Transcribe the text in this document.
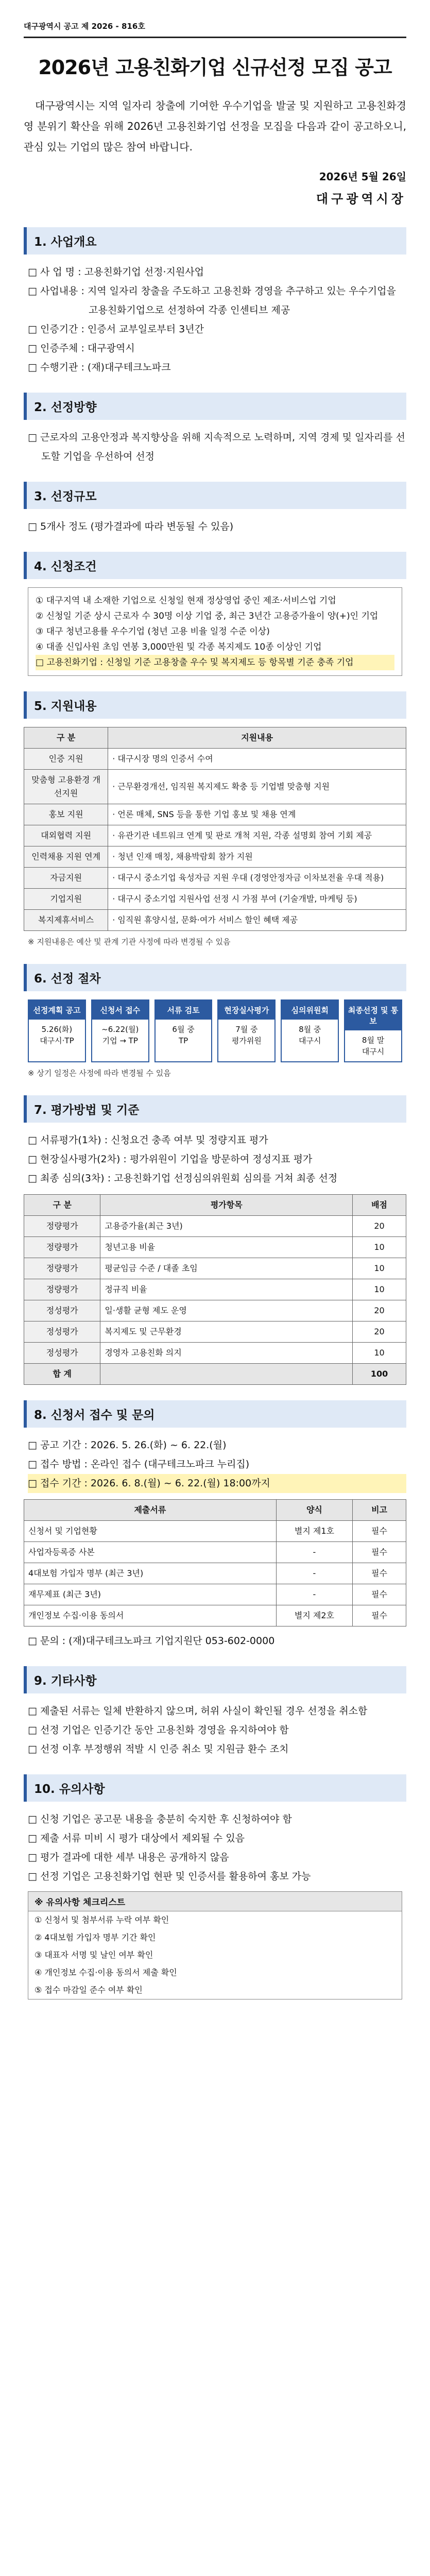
대구광역시 공고 제 2026 - 816호
2026년 고용친화기업 신규선정 모집 공고

대구광역시는 지역 일자리 창출에 기여한 우수기업을 발굴 및 지원하고 고용친화경영 분위기 확산을 위해 2026년 고용친화기업 선정을 모집을 다음과 같이 공고하오니, 관심 있는 기업의 많은 참여 바랍니다.

2026년 5월 26일
대구광역시장
1. 사업개요
□ 사 업 명 : 고용친화기업 선정·지원사업
□ 사업내용 : 지역 일자리 창출을 주도하고 고용친화 경영을 추구하고 있는 우수기업을 고용친화기업으로 선정하여 각종 인센티브 제공
□ 인증기간 : 인증서 교부일로부터 3년간
□ 인증주체 : 대구광역시
□ 수행기관 : (재)대구테크노파크
2. 선정방향
□ 근로자의 고용안정과 복지향상을 위해 지속적으로 노력하며, 지역 경제 및 일자리를 선도할 기업을 우선하여 선정
3. 선정규모
□ 5개사 정도 (평가결과에 따라 변동될 수 있음)
4. 신청조건
① 대구지역 내 소재한 기업으로 신청일 현재 정상영업 중인 제조·서비스업 기업
② 신청일 기준 상시 근로자 수 30명 이상 기업 중, 최근 3년간 고용증가율이 양(+)인 기업
③ 대구 청년고용률 우수기업 (청년 고용 비율 일정 수준 이상)
④ 대졸 신입사원 초임 연봉 3,000만원 및 각종 복지제도 10종 이상인 기업
□ 고용친화기업 : 신청일 기준 고용창출 우수 및 복지제도 등 항목별 기준 충족 기업
5. 지원내용
구 분	지원내용
인증 지원	· 대구시장 명의 인증서 수여
맞춤형 고용환경 개선지원	· 근무환경개선, 임직원 복지제도 확충 등 기업별 맞춤형 지원
홍보 지원	· 언론 매체, SNS 등을 통한 기업 홍보 및 채용 연계
대외협력 지원	· 유관기관 네트워크 연계 및 판로 개척 지원, 각종 설명회 참여 기회 제공
인력채용 지원 연계	· 청년 인재 매칭, 채용박람회 참가 지원
자금지원	· 대구시 중소기업 육성자금 지원 우대 (경영안정자금 이차보전율 우대 적용)
기업지원	· 대구시 중소기업 지원사업 선정 시 가점 부여 (기술개발, 마케팅 등)
복지제휴서비스	· 임직원 휴양시설, 문화·여가 서비스 할인 혜택 제공
※ 지원내용은 예산 및 관계 기관 사정에 따라 변경될 수 있음
6. 선정 절차
선정계획 공고
5.26(화)
대구시·TP
신청서 접수
~6.22(월)
기업 → TP
서류 검토
6월 중
TP
현장실사평가
7월 중
평가위원
심의위원회
8월 중
대구시
최종선정 및 통보
8월 말
대구시
※ 상기 일정은 사정에 따라 변경될 수 있음
7. 평가방법 및 기준
□ 서류평가(1차) : 신청요건 충족 여부 및 정량지표 평가
□ 현장실사평가(2차) : 평가위원이 기업을 방문하여 정성지표 평가
□ 최종 심의(3차) : 고용친화기업 선정심의위원회 심의를 거쳐 최종 선정
구 분	평가항목	배점
정량평가	고용증가율(최근 3년)	20
정량평가	청년고용 비율	10
정량평가	평균임금 수준 / 대졸 초임	10
정량평가	정규직 비율	10
정성평가	일·생활 균형 제도 운영	20
정성평가	복지제도 및 근무환경	20
정성평가	경영자 고용친화 의지	10
합 계		100
8. 신청서 접수 및 문의
□ 공고 기간 : 2026. 5. 26.(화) ~ 6. 22.(월)
□ 접수 방법 : 온라인 접수 (대구테크노파크 누리집)
□ 접수 기간 : 2026. 6. 8.(월) ~ 6. 22.(월) 18:00까지
제출서류	양식	비고
신청서 및 기업현황	별지 제1호	필수
사업자등록증 사본	-	필수
4대보험 가입자 명부 (최근 3년)	-	필수
재무제표 (최근 3년)	-	필수
개인정보 수집·이용 동의서	별지 제2호	필수
□ 문의 : (재)대구테크노파크 기업지원단 053-602-0000
9. 기타사항
□ 제출된 서류는 일체 반환하지 않으며, 허위 사실이 확인될 경우 선정을 취소함
□ 선정 기업은 인증기간 동안 고용친화 경영을 유지하여야 함
□ 선정 이후 부정행위 적발 시 인증 취소 및 지원금 환수 조치
10. 유의사항
□ 신청 기업은 공고문 내용을 충분히 숙지한 후 신청하여야 함
□ 제출 서류 미비 시 평가 대상에서 제외될 수 있음
□ 평가 결과에 대한 세부 내용은 공개하지 않음
□ 선정 기업은 고용친화기업 현판 및 인증서를 활용하여 홍보 가능
※ 유의사항 체크리스트
① 신청서 및 첨부서류 누락 여부 확인
② 4대보험 가입자 명부 기간 확인
③ 대표자 서명 및 날인 여부 확인
④ 개인정보 수집·이용 동의서 제출 확인
⑤ 접수 마감일 준수 여부 확인
